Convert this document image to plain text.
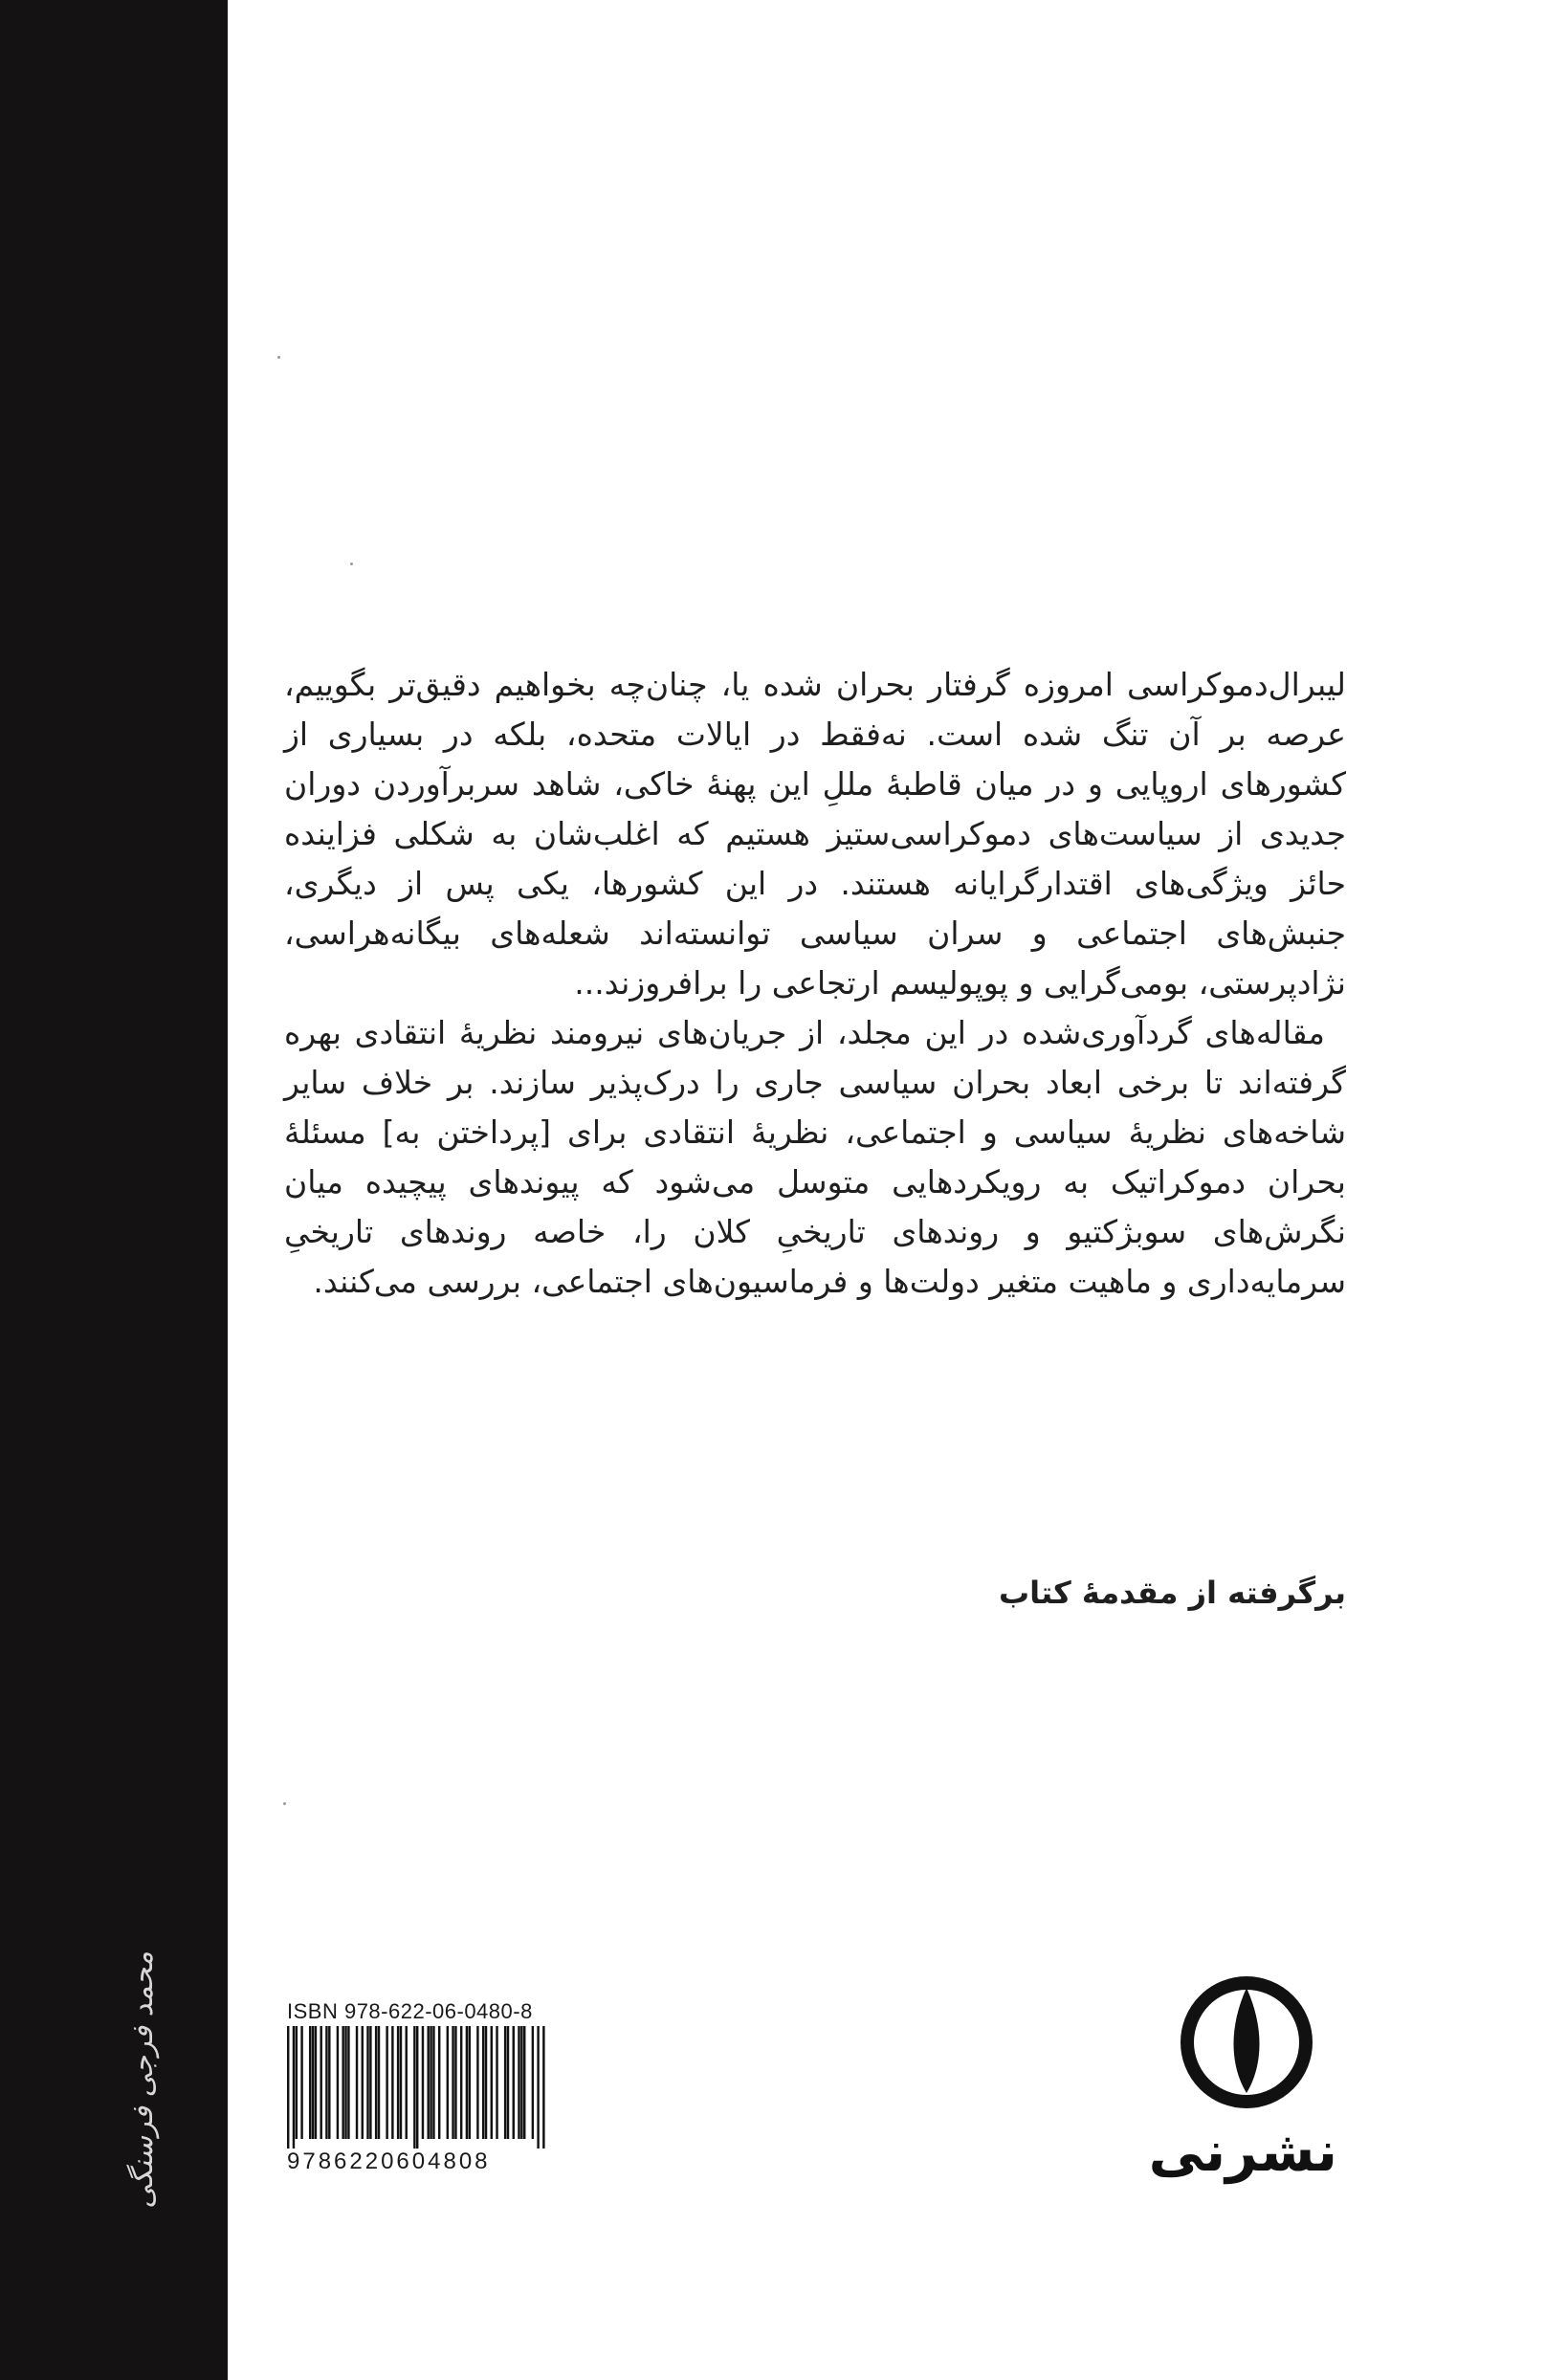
محمد فرجی فرسنگی

لیبرال‌دموکراسی امروزه گرفتار بحران شده یا، چنان‌چه بخواهیم دقیق‌تر بگوییم، عرصه بر آن تنگ شده است. نه‌فقط در ایالات متحده، بلکه در بسیاری از کشورهای اروپایی و در میان قاطبهٔ مللِ این پهنهٔ خاکی، شاهد سربرآوردن دوران جدیدی از سیاست‌های دموکراسی‌ستیز هستیم که اغلب‌شان به شکلی فزاینده حائز ویژگی‌های اقتدارگرایانه هستند. در این کشورها، یکی پس از دیگری، جنبش‌های اجتماعی و سران سیاسی توانسته‌اند شعله‌های بیگانه‌هراسی، نژادپرستی، بومی‌گرایی و پوپولیسم ارتجاعی را برافروزند...

مقاله‌های گردآوری‌شده در این مجلد، از جریان‌های نیرومند نظریهٔ انتقادی بهره گرفته‌اند تا برخی ابعاد بحران سیاسی جاری را درک‌پذیر سازند. بر خلاف سایر شاخه‌های نظریهٔ سیاسی و اجتماعی، نظریهٔ انتقادی برای [پرداختن به] مسئلهٔ بحران دموکراتیک به رویکردهایی متوسل می‌شود که پیوندهای پیچیده میان نگرش‌های سوبژکتیو و روندهای تاریخیِ کلان را، خاصه روندهای تاریخیِ سرمایه‌داری و ماهیت متغیر دولت‌ها و فرماسیون‌های اجتماعی، بررسی می‌کنند.

برگرفته از مقدمهٔ کتاب
ISBN 978-622-06-0480-8
9786220604808	نشرنی
